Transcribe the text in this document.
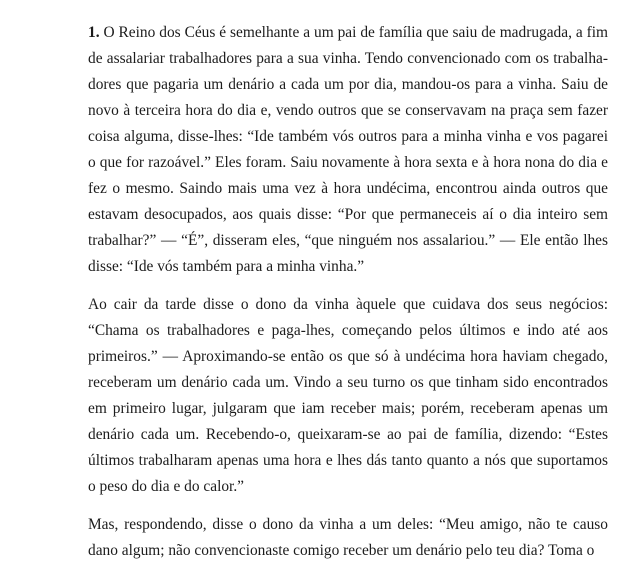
1. O Reino dos Céus é semelhante a um pai de família que saiu de madrugada, a fim de assalariar trabalhadores para a sua vinha. Tendo convencionado com os trabalhadores que pagaria um denário a cada um por dia, mandou-os para a vinha. Saiu de novo à terceira hora do dia e, vendo outros que se conservavam na praça sem fazer coisa alguma, disse-lhes: “Ide também vós outros para a minha vinha e vos pagarei o que for razoável.” Eles foram. Saiu novamente à hora sexta e à hora nona do dia e fez o mesmo. Saindo mais uma vez à hora undécima, encontrou ainda outros que estavam desocupados, aos quais disse: “Por que permaneceis aí o dia inteiro sem trabalhar?” — “É”, disseram eles, “que ninguém nos assalariou.” — Ele então lhes disse: “Ide vós também para a minha vinha.”

Ao cair da tarde disse o dono da vinha àquele que cuidava dos seus negócios: “Chama os trabalhadores e paga-lhes, começando pelos últimos e indo até aos primeiros.” — Aproximando-se então os que só à undécima hora haviam chegado, receberam um denário cada um. Vindo a seu turno os que tinham sido encontrados em primeiro lugar, julgaram que iam receber mais; porém, receberam apenas um denário cada um. Recebendo-o, queixaram-se ao pai de família, dizendo: “Estes últimos trabalharam apenas uma hora e lhes dás tanto quanto a nós que suportamos o peso do dia e do calor.”

Mas, respondendo, disse o dono da vinha a um deles: “Meu amigo, não te causo dano algum; não convencionaste comigo receber um denário pelo teu dia? Toma o
